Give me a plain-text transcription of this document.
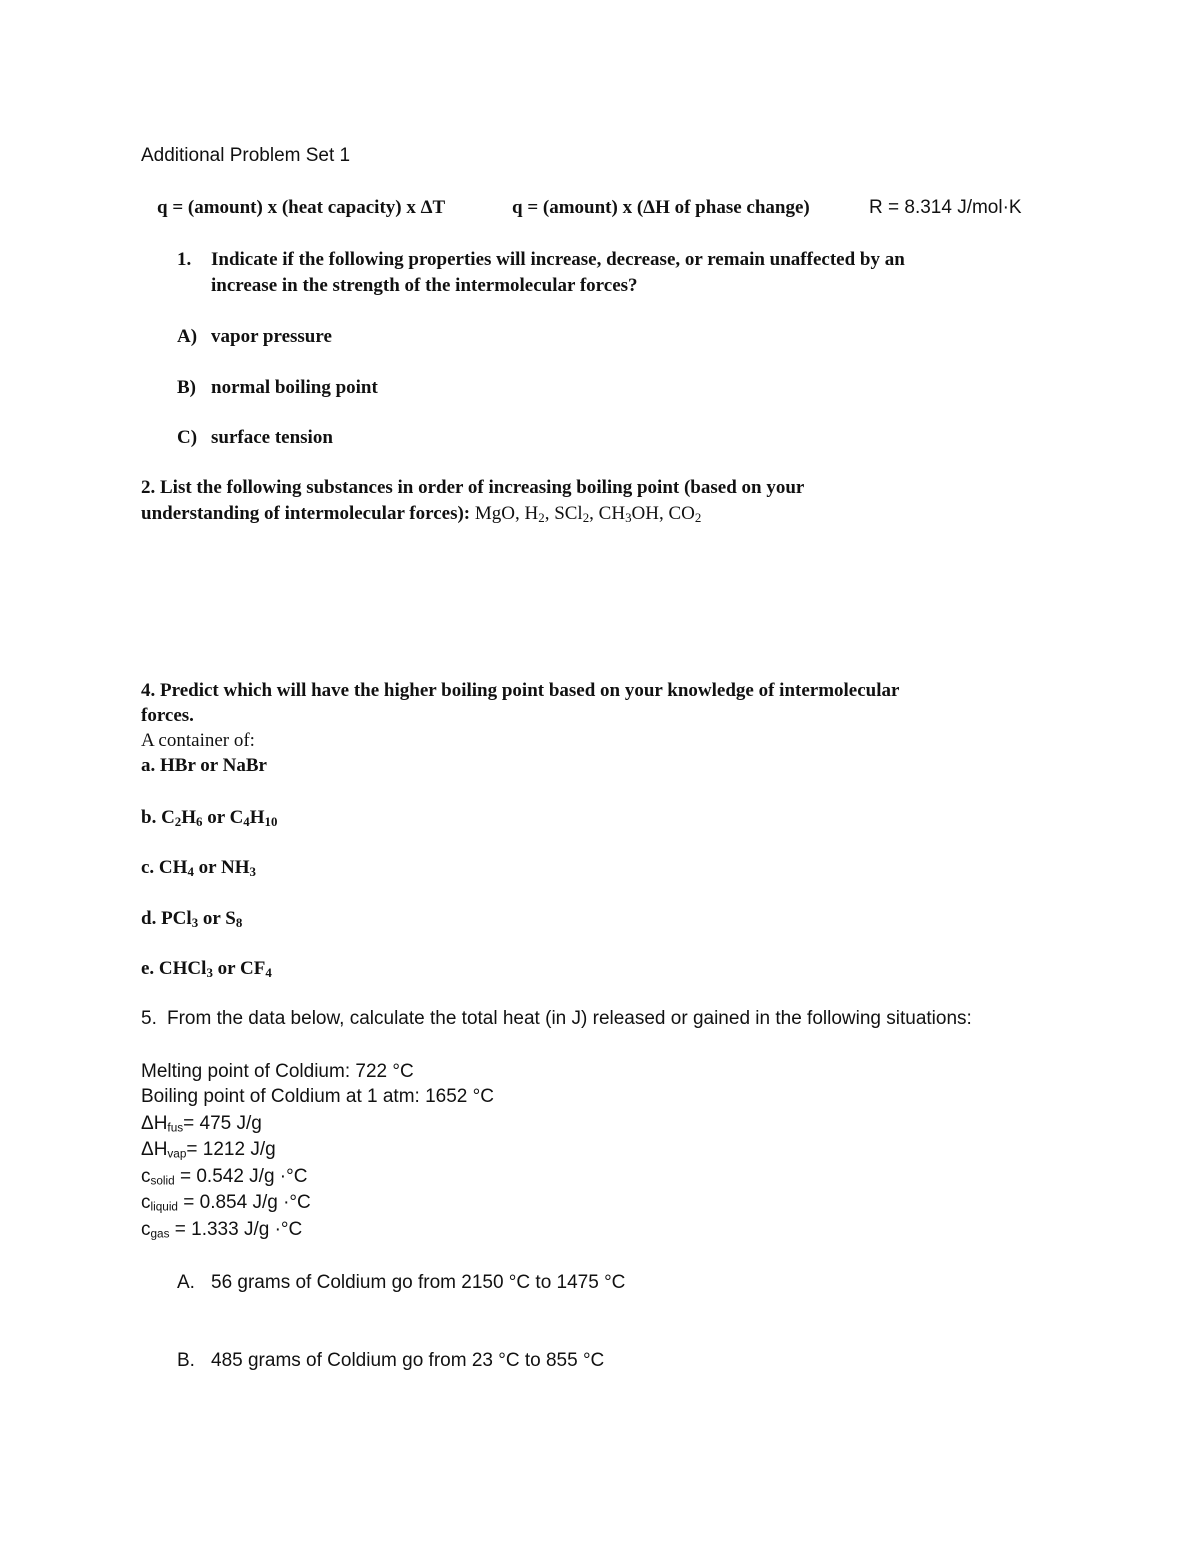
Additional Problem Set 1
q = (amount) x (heat capacity) x ΔT	q = (amount) x (ΔH of phase change)	R = 8.314 J/mol·K
1. Indicate if the following properties will increase, decrease, or remain unaffected by an
increase in the strength of the intermolecular forces?
A) vapor pressure
B) normal boiling point
C) surface tension
2. List the following substances in order of increasing boiling point (based on your
understanding of intermolecular forces): MgO, $H_2$, SCl$_2$, $CH_3OH$, $CO_2$
4. Predict which will have the higher boiling point based on your knowledge of intermolecular
forces.
A container of:
a. HBr or NaBr
b. $C_2H_6$ or $C_4H_{10}$
c. $CH_4$ or $NH_3$
d. PCl$_3$ or $S_8$
e. CHCl$_3$ or $CF_4$
5. From the data below, calculate the total heat (in J) released or gained in the following situations:
Melting point of Coldium: 722 °C
Boiling point of Coldium at 1 atm: 1652 °C
ΔHfus= 475 J/g
ΔHvap= 1212 J/g
csolid = 0.542 J/g ·°C
cliquid = 0.854 J/g ·°C
cgas = 1.333 J/g ·°C
A. 56 grams of Coldium go from 2150 °C to 1475 °C
B. 485 grams of Coldium go from 23 °C to 855 °C
